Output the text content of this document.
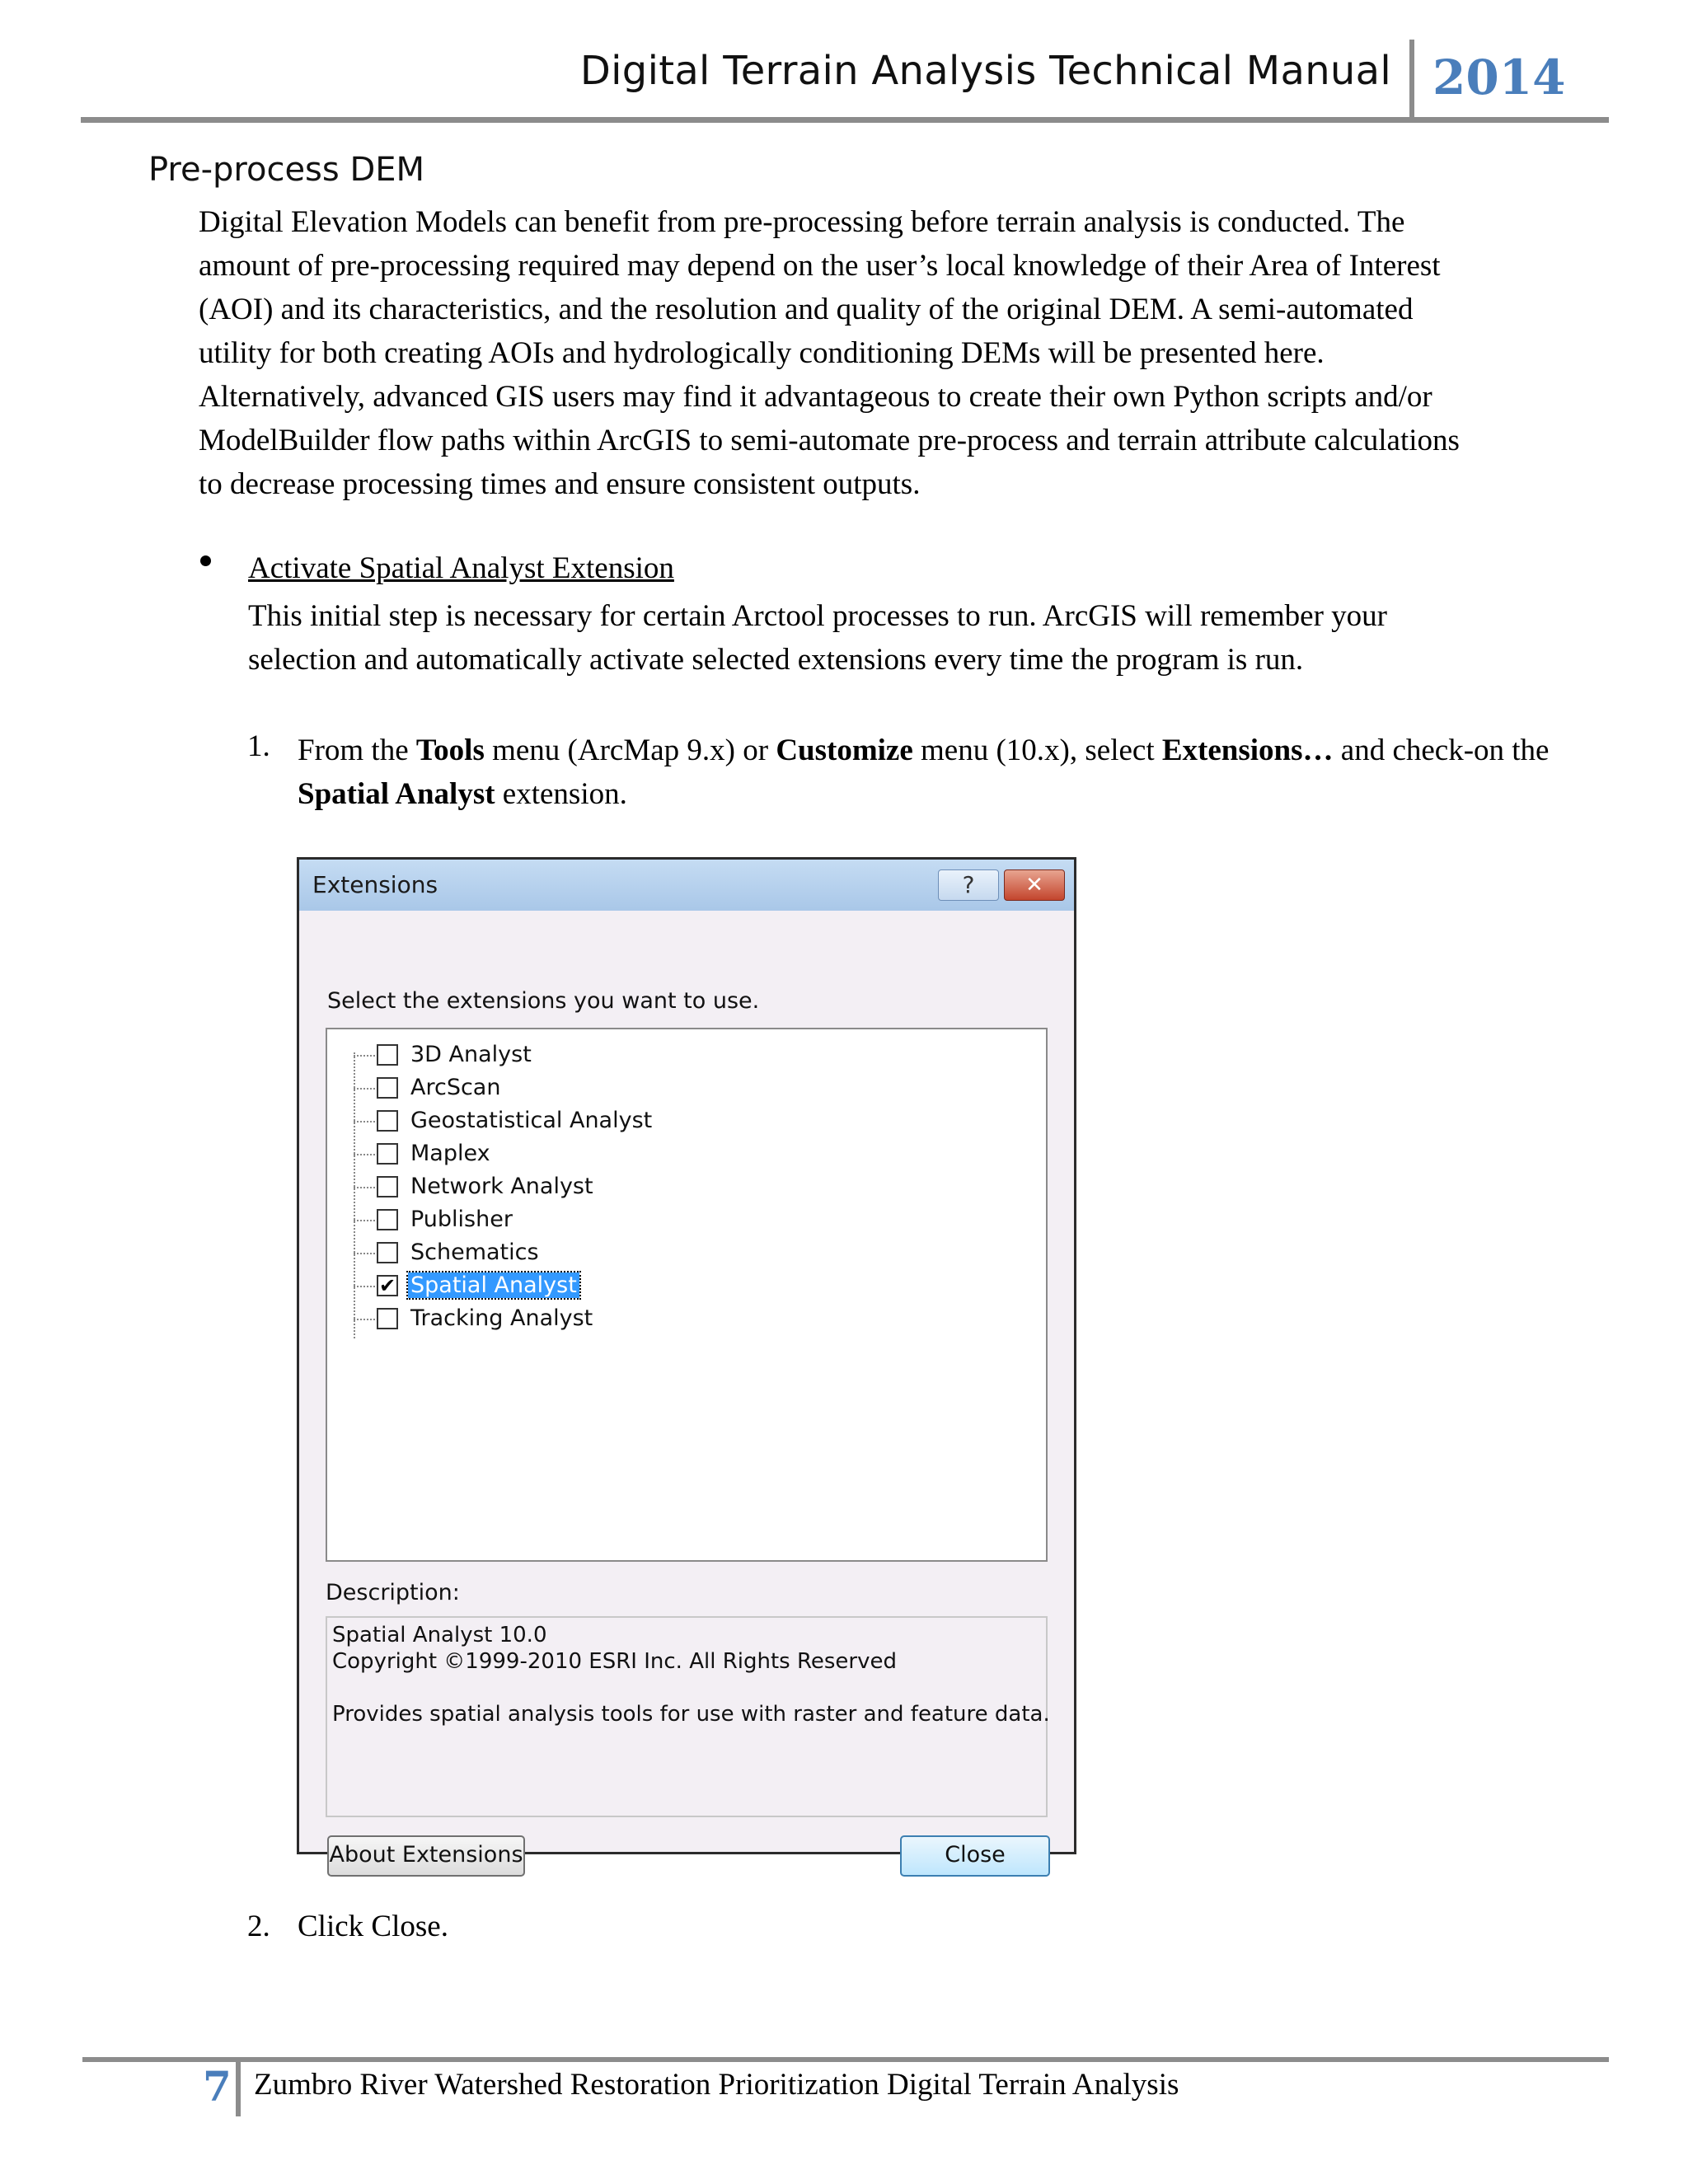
Digital Terrain Analysis Technical Manual 2014
Pre-process DEM
Digital Elevation Models can benefit from pre-processing before terrain analysis is conducted. The
amount of pre-processing required may depend on the user’s local knowledge of their Area of Interest
(AOI) and its characteristics, and the resolution and quality of the original DEM. A semi-automated
utility for both creating AOIs and hydrologically conditioning DEMs will be presented here.
Alternatively, advanced GIS users may find it advantageous to create their own Python scripts and/or
ModelBuilder flow paths within ArcGIS to semi-automate pre-process and terrain attribute calculations
to decrease processing times and ensure consistent outputs.
Activate Spatial Analyst Extension
This initial step is necessary for certain Arctool processes to run. ArcGIS will remember your
selection and automatically activate selected extensions every time the program is run.
1. From the Tools menu (ArcMap 9.x) or Customize menu (10.x), select Extensions… and check-on the Spatial Analyst extension.
Extensions	?	✕
Select the extensions you want to use.
3D Analyst
ArcScan
Geostatistical Analyst
Maplex
Network Analyst
Publisher
Schematics
✔ Spatial Analyst
Tracking Analyst
Description:
Spatial Analyst 10.0
Copyright ©1999-2010 ESRI Inc. All Rights Reserved
Provides spatial analysis tools for use with raster and feature data.
About Extensions	Close
2. Click Close.
7 Zumbro River Watershed Restoration Prioritization Digital Terrain Analysis
